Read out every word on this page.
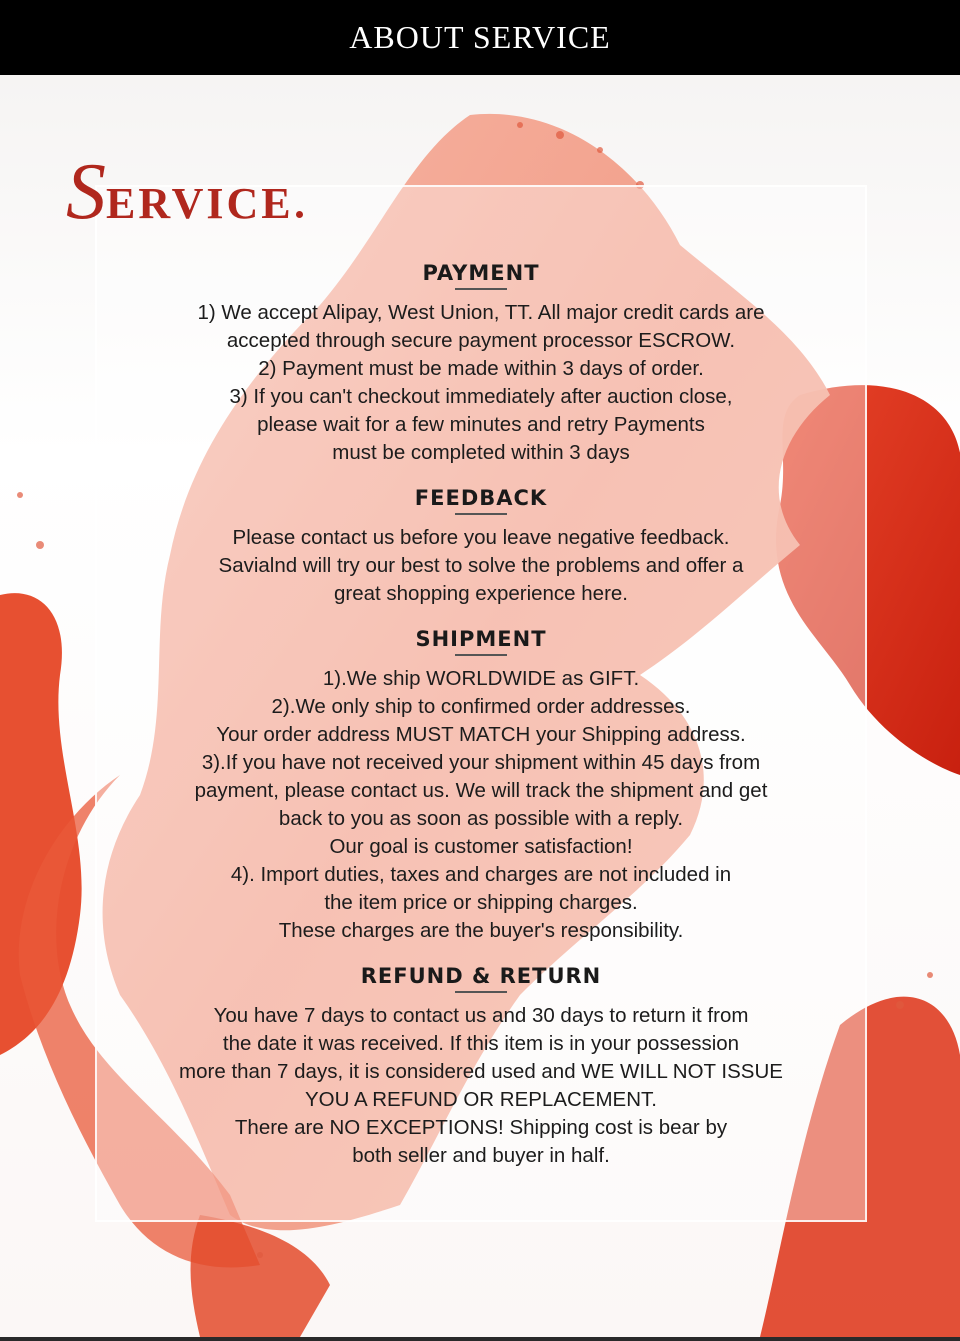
ABOUT SERVICE
S ERVICE

PAYMENT

1) We accept Alipay, West Union, TT. All major credit cards are

accepted through secure payment processor ESCROW.

2) Payment must be made within 3 days of order.

3) If you can't checkout immediately after auction close,

please wait for a few minutes and retry Payments

must be completed within 3 days

FEEDBACK

Please contact us before you leave negative feedback.

Savialnd will try our best to solve the problems and offer a

great shopping experience here.

SHIPMENT

1).We ship WORLDWIDE as GIFT.

2).We only ship to confirmed order addresses.

Your order address MUST MATCH your Shipping address.

3).If you have not received your shipment within 45 days from

payment, please contact us. We will track the shipment and get

back to you as soon as possible with a reply.

Our goal is customer satisfaction!

4). Import duties, taxes and charges are not included in

the item price or shipping charges.

These charges are the buyer's responsibility.

REFUND & RETURN

You have 7 days to contact us and 30 days to return it from

the date it was received. If this item is in your possession

more than 7 days, it is considered used and WE WILL NOT ISSUE

YOU A REFUND OR REPLACEMENT.

There are NO EXCEPTIONS! Shipping cost is bear by

both seller and buyer in half.
